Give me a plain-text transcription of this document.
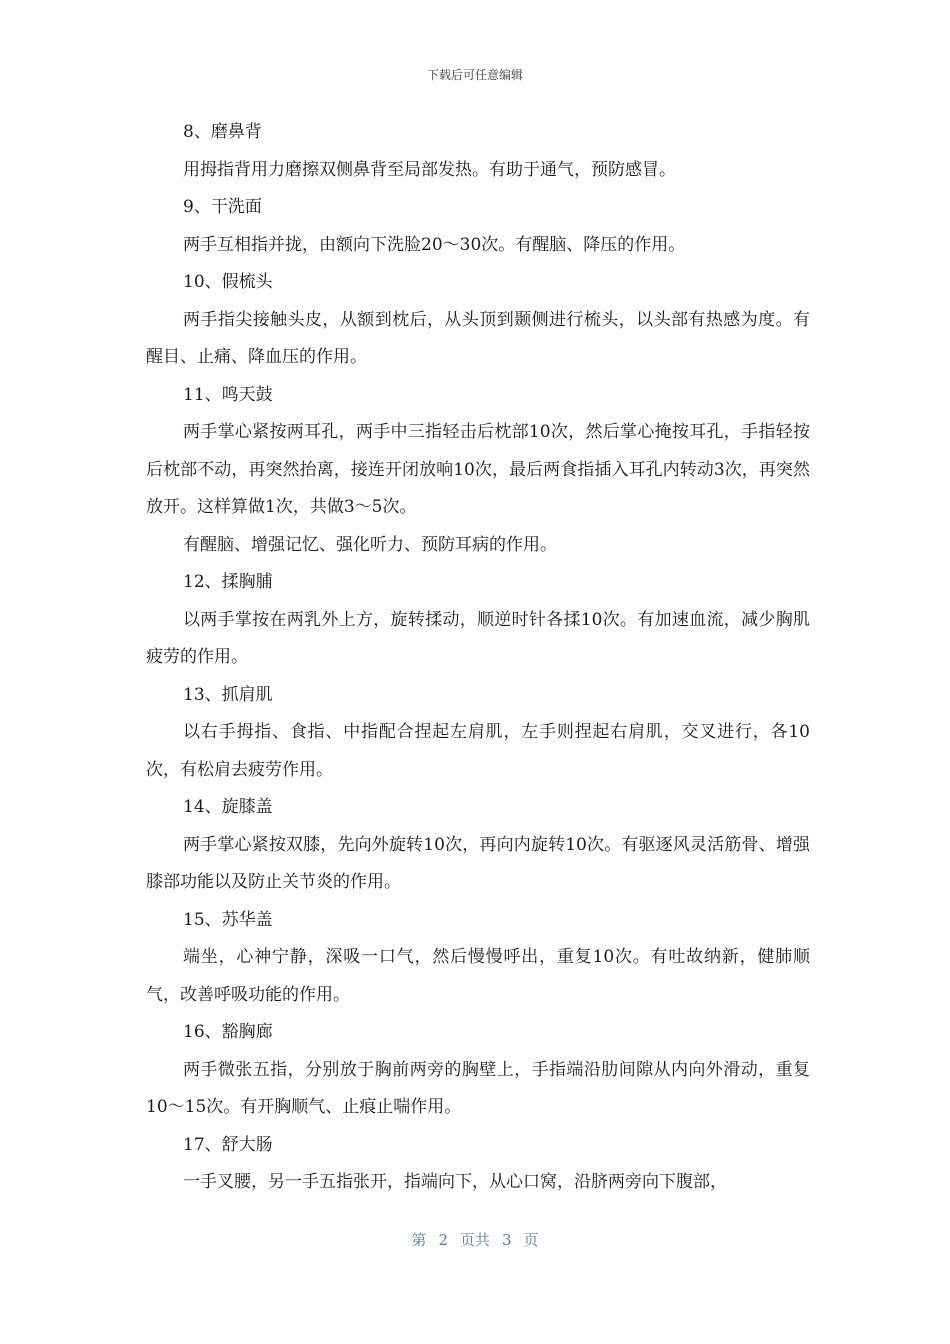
下载后可任意编辑

8、磨鼻背

用拇指背用力磨擦双侧鼻背至局部发热。有助于通气，预防感冒。

9、干洗面

两手互相指并拢，由额向下洗脸20～30次。有醒脑、降压的作用。

10、假梳头

两手指尖接触头皮，从额到枕后，从头顶到颞侧进行梳头，以头部有热感为度。有醒目、止痛、降血压的作用。

11、鸣天鼓

两手掌心紧按两耳孔，两手中三指轻击后枕部10次，然后掌心掩按耳孔，手指轻按后枕部不动，再突然抬离，接连开闭放响10次，最后两食指插入耳孔内转动3次，再突然放开。这样算做1次，共做3～5次。

有醒脑、增强记忆、强化听力、预防耳病的作用。

12、揉胸脯

以两手掌按在两乳外上方，旋转揉动，顺逆时针各揉10次。有加速血流，减少胸肌疲劳的作用。

13、抓肩肌

以右手拇指、食指、中指配合捏起左肩肌，左手则捏起右肩肌，交叉进行，各10次，有松肩去疲劳作用。

14、旋膝盖

两手掌心紧按双膝，先向外旋转10次，再向内旋转10次。有驱逐风灵活筋骨、增强膝部功能以及防止关节炎的作用。

15、苏华盖

端坐，心神宁静，深吸一口气，然后慢慢呼出，重复10次。有吐故纳新，健肺顺气，改善呼吸功能的作用。

16、豁胸廊

两手微张五指，分别放于胸前两旁的胸壁上，手指端沿肋间隙从内向外滑动，重复10～15次。有开胸顺气、止痕止喘作用。

17、舒大肠

一手叉腰，另一手五指张开，指端向下，从心口窝，沿脐两旁向下腹部，

第 2 页共 3 页
